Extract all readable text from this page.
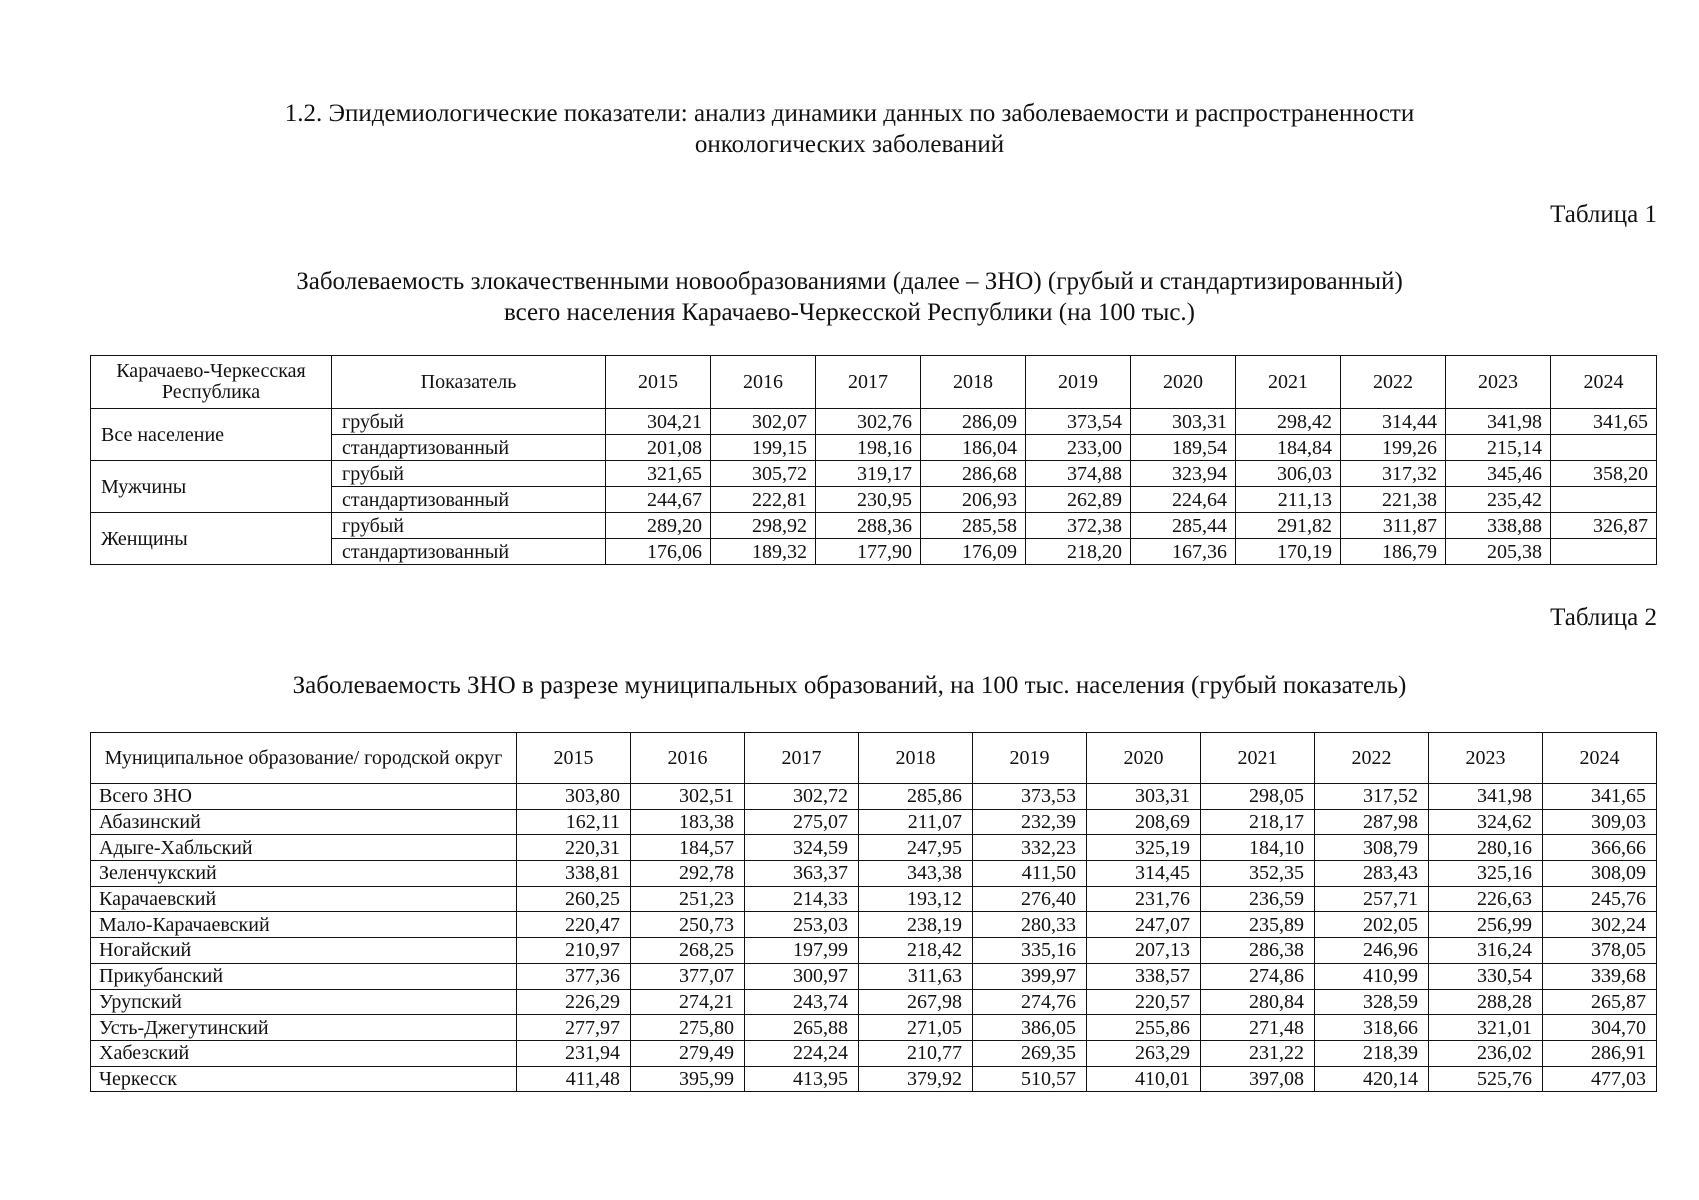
1.2. Эпидемиологические показатели: анализ динамики данных по заболеваемости и распространенности
онкологических заболеваний
Таблица 1
Заболеваемость злокачественными новообразованиями (далее – ЗНО) (грубый и стандартизированный)
всего населения Карачаево-Черкесской Республики (на 100 тыс.)
Карачаево-Черкесская Республика	Показатель	2015	2016	2017	2018	2019	2020	2021	2022	2023	2024
Все население	грубый	304,21	302,07	302,76	286,09	373,54	303,31	298,42	314,44	341,98	341,65
	стандартизованный	201,08	199,15	198,16	186,04	233,00	189,54	184,84	199,26	215,14	
Мужчины	грубый	321,65	305,72	319,17	286,68	374,88	323,94	306,03	317,32	345,46	358,20
	стандартизованный	244,67	222,81	230,95	206,93	262,89	224,64	211,13	221,38	235,42	
Женщины	грубый	289,20	298,92	288,36	285,58	372,38	285,44	291,82	311,87	338,88	326,87
	стандартизованный	176,06	189,32	177,90	176,09	218,20	167,36	170,19	186,79	205,38	
Таблица 2
Заболеваемость ЗНО в разрезе муниципальных образований, на 100 тыс. населения (грубый показатель)
Муниципальное образование/ городской округ	2015	2016	2017	2018	2019	2020	2021	2022	2023	2024
Всего ЗНО	303,80	302,51	302,72	285,86	373,53	303,31	298,05	317,52	341,98	341,65
Абазинский	162,11	183,38	275,07	211,07	232,39	208,69	218,17	287,98	324,62	309,03
Адыге-Хабльский	220,31	184,57	324,59	247,95	332,23	325,19	184,10	308,79	280,16	366,66
Зеленчукский	338,81	292,78	363,37	343,38	411,50	314,45	352,35	283,43	325,16	308,09
Карачаевский	260,25	251,23	214,33	193,12	276,40	231,76	236,59	257,71	226,63	245,76
Мало-Карачаевский	220,47	250,73	253,03	238,19	280,33	247,07	235,89	202,05	256,99	302,24
Ногайский	210,97	268,25	197,99	218,42	335,16	207,13	286,38	246,96	316,24	378,05
Прикубанский	377,36	377,07	300,97	311,63	399,97	338,57	274,86	410,99	330,54	339,68
Урупский	226,29	274,21	243,74	267,98	274,76	220,57	280,84	328,59	288,28	265,87
Усть-Джегутинский	277,97	275,80	265,88	271,05	386,05	255,86	271,48	318,66	321,01	304,70
Хабезский	231,94	279,49	224,24	210,77	269,35	263,29	231,22	218,39	236,02	286,91
Черкесск	411,48	395,99	413,95	379,92	510,57	410,01	397,08	420,14	525,76	477,03
